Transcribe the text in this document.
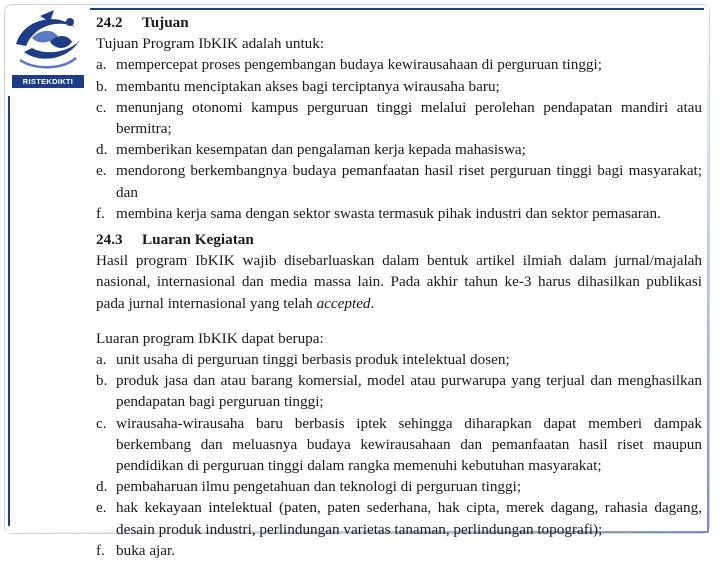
RISTEKDIKTI
24.2 Tujuan
Tujuan Program IbKIK adalah untuk:
a. mempercepat proses pengembangan budaya kewirausahaan di perguruan tinggi;
b. membantu menciptakan akses bagi terciptanya wirausaha baru;
c. menunjang otonomi kampus perguruan tinggi melalui perolehan pendapatan mandiri atau bermitra;
d. memberikan kesempatan dan pengalaman kerja kepada mahasiswa;
e. mendorong berkembangnya budaya pemanfaatan hasil riset perguruan tinggi bagi masyarakat; dan
f. membina kerja sama dengan sektor swasta termasuk pihak industri dan sektor pemasaran.
24.3 Luaran Kegiatan
Hasil program IbKIK wajib disebarluaskan dalam bentuk artikel ilmiah dalam jurnal/majalah nasional, internasional dan media massa lain. Pada akhir tahun ke-3 harus dihasilkan publikasi pada jurnal internasional yang telah accepted.
Luaran program IbKIK dapat berupa:
a. unit usaha di perguruan tinggi berbasis produk intelektual dosen;
b. produk jasa dan atau barang komersial, model atau purwarupa yang terjual dan menghasilkan pendapatan bagi perguruan tinggi;
c. wirausaha-wirausaha baru berbasis iptek sehingga diharapkan dapat memberi dampak berkembang dan meluasnya budaya kewirausahaan dan pemanfaatan hasil riset maupun pendidikan di perguruan tinggi dalam rangka memenuhi kebutuhan masyarakat;
d. pembaharuan ilmu pengetahuan dan teknologi di perguruan tinggi;
e. hak kekayaan intelektual (paten, paten sederhana, hak cipta, merek dagang, rahasia dagang, desain produk industri, perlindungan varietas tanaman, perlindungan topografi);
f. buka ajar.
